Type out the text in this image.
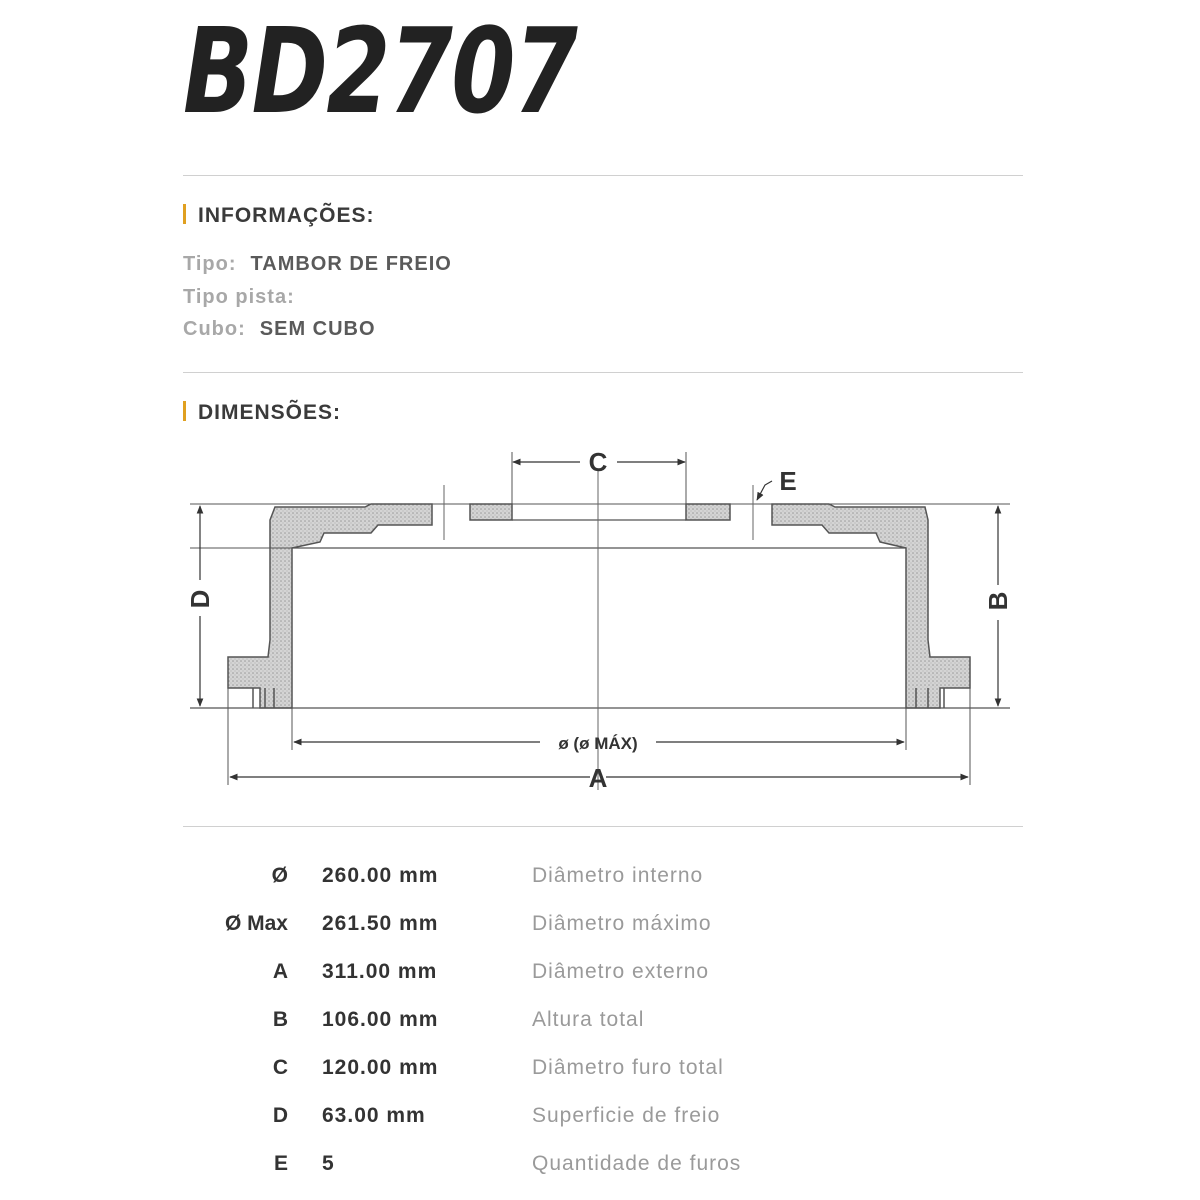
BD2707
INFORMAÇÕES:
Tipo: TAMBOR DE FREIO
Tipo pista:
Cubo: SEM CUBO
DIMENSÕES:
C
E
D	B
ø (ø MÁX)
A
Ø 260.00 mm	Diâmetro interno
Ø Max 261.50 mm	Diâmetro máximo
A 311.00 mm	Diâmetro externo
B 106.00 mm	Altura total
C 120.00 mm	Diâmetro furo total
D 63.00 mm	Superficie de freio
E 5	Quantidade de furos
